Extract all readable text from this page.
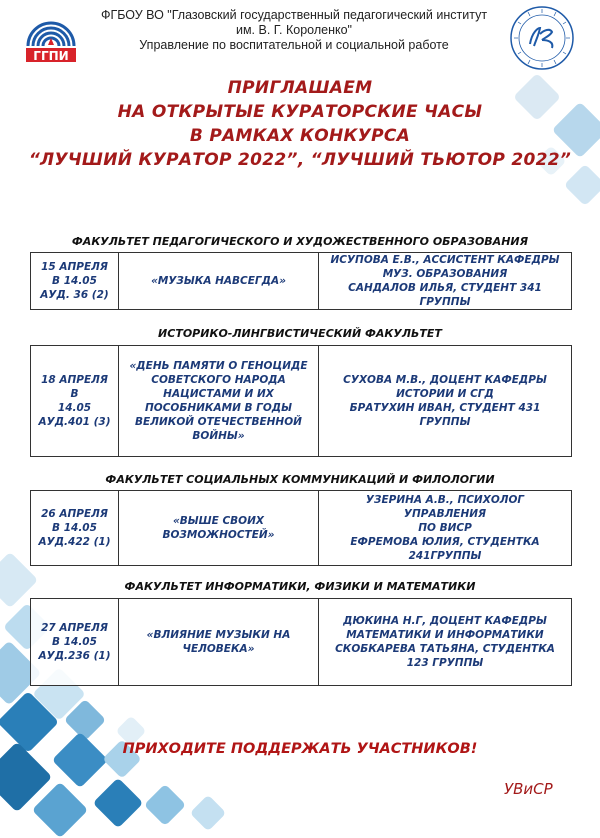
ГГПИ
ФГБОУ ВО "Глазовский государственный педагогический институт
им. В. Г. Короленко"
Управление по воспитательной и социальной работе
ПРИГЛАШАЕМ
НА ОТКРЫТЫЕ КУРАТОРСКИЕ ЧАСЫ
В РАМКАХ КОНКУРСА
“ЛУЧШИЙ КУРАТОР 2022”, “ЛУЧШИЙ ТЬЮТОР 2022”
ФАКУЛЬТЕТ ПЕДАГОГИЧЕСКОГО И ХУДОЖЕСТВЕННОГО ОБРАЗОВАНИЯ
15 АПРЕЛЯ
В 14.05
АУД. 36 (2)
«МУЗЫКА НАВСЕГДА»
ИСУПОВА Е.В., АССИСТЕНТ КАФЕДРЫ
МУЗ. ОБРАЗОВАНИЯ
САНДАЛОВ ИЛЬЯ, СТУДЕНТ 341 ГРУППЫ
ИСТОРИКО-ЛИНГВИСТИЧЕСКИЙ ФАКУЛЬТЕТ
18 АПРЕЛЯ В
14.05
АУД.401 (3)
«ДЕНЬ ПАМЯТИ О ГЕНОЦИДЕ
СОВЕТСКОГО НАРОДА
НАЦИСТАМИ И ИХ
ПОСОБНИКАМИ В ГОДЫ
ВЕЛИКОЙ ОТЕЧЕСТВЕННОЙ
ВОЙНЫ»
СУХОВА М.В., ДОЦЕНТ КАФЕДРЫ
ИСТОРИИ И СГД
БРАТУХИН ИВАН, СТУДЕНТ 431 ГРУППЫ
ФАКУЛЬТЕТ СОЦИАЛЬНЫХ КОММУНИКАЦИЙ И ФИЛОЛОГИИ
26 АПРЕЛЯ
В 14.05
АУД.422 (1)
«ВЫШЕ СВОИХ
ВОЗМОЖНОСТЕЙ»
УЗЕРИНА А.В., ПСИХОЛОГ УПРАВЛЕНИЯ
ПО ВИСР
ЕФРЕМОВА ЮЛИЯ, СТУДЕНТКА
241ГРУППЫ
ФАКУЛЬТЕТ ИНФОРМАТИКИ, ФИЗИКИ И МАТЕМАТИКИ
27 АПРЕЛЯ
В 14.05
АУД.236 (1)
«ВЛИЯНИЕ МУЗЫКИ НА
ЧЕЛОВЕКА»
ДЮКИНА Н.Г, ДОЦЕНТ КАФЕДРЫ
МАТЕМАТИКИ И ИНФОРМАТИКИ
СКОБКАРЕВА ТАТЬЯНА, СТУДЕНТКА
123 ГРУППЫ
ПРИХОДИТЕ ПОДДЕРЖАТЬ УЧАСТНИКОВ!
УВиСР
